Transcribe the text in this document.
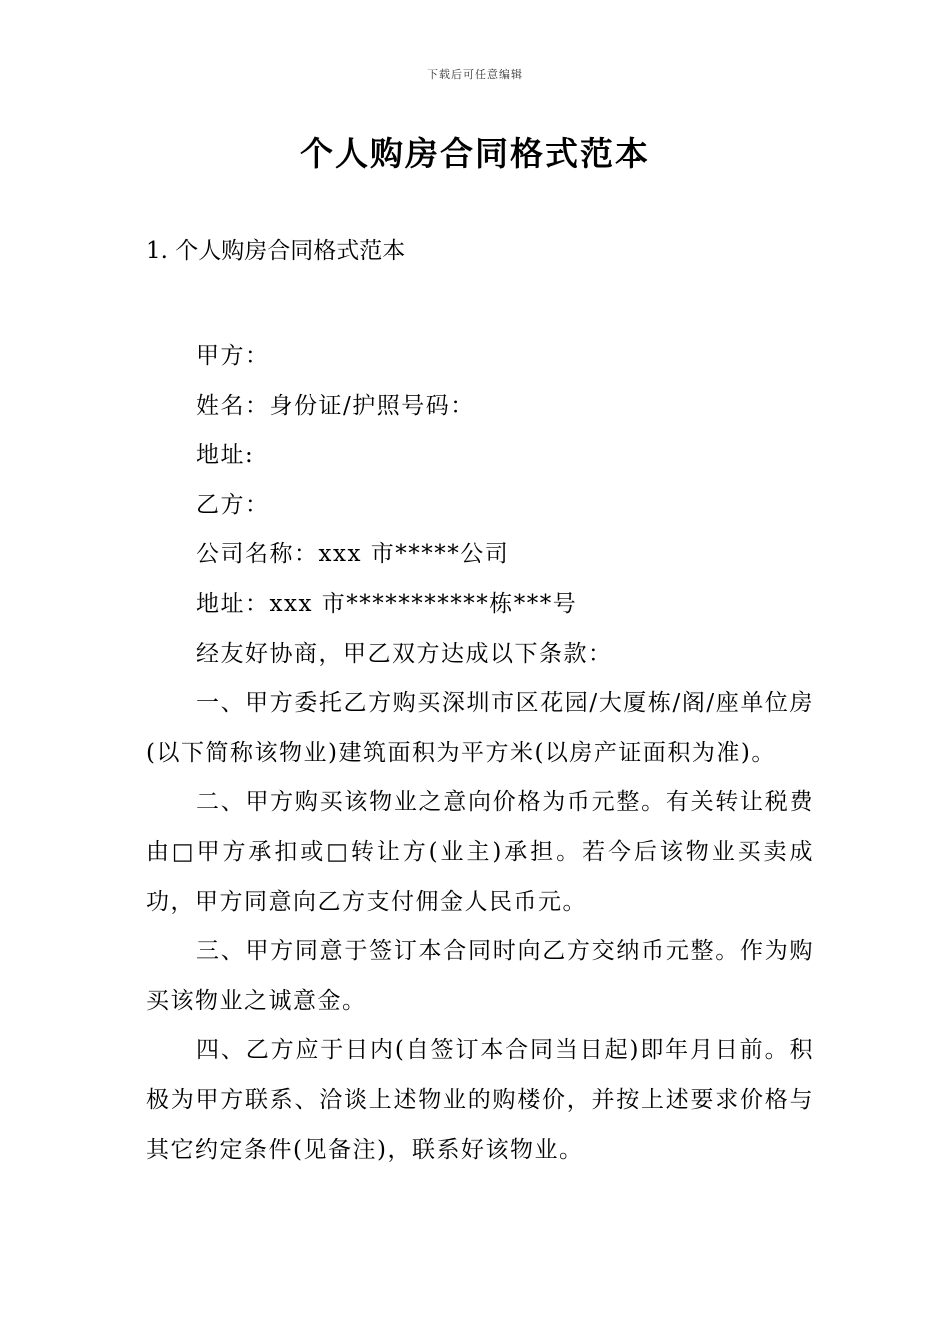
下载后可任意编辑
个人购房合同格式范本
1. 个人购房合同格式范本

甲方：

姓名：身份证/护照号码：

地址:

乙方：

公司名称：xxx 市*****公司

地址：xxx 市***********栋***号

经友好协商，甲乙双方达成以下条款：

一、甲方委托乙方购买深圳市区花园/大厦栋/阁/座单位房(以下简称该物业)建筑面积为平方米(以房产证面积为准)。

二、甲方购买该物业之意向价格为币元整。有关转让税费由□甲方承扣或□转让方(业主)承担。若今后该物业买卖成功，甲方同意向乙方支付佣金人民币元。

三、甲方同意于签订本合同时向乙方交纳币元整。作为购买该物业之诚意金。

四、乙方应于日内(自签订本合同当日起)即年月日前。积极为甲方联系、洽谈上述物业的购楼价，并按上述要求价格与其它约定条件(见备注)，联系好该物业。
